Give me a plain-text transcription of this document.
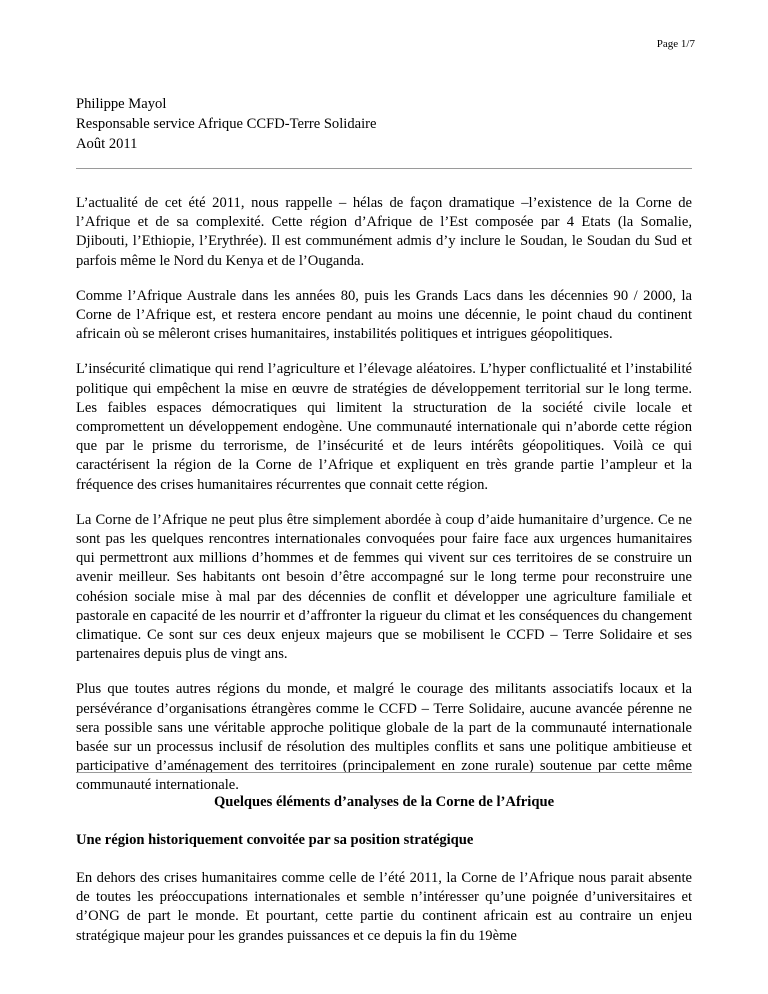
Page 1/7
Philippe Mayol
Responsable service Afrique CCFD-Terre Solidaire
Août 2011

L’actualité de cet été 2011, nous rappelle – hélas de façon dramatique –l’existence de la Corne de l’Afrique et de sa complexité. Cette région d’Afrique de l’Est composée par 4 Etats (la Somalie, Djibouti, l’Ethiopie, l’Erythrée). Il est communément admis d’y inclure le Soudan, le Soudan du Sud et parfois même le Nord du Kenya et de l’Ouganda.

Comme l’Afrique Australe dans les années 80, puis les Grands Lacs dans les décennies 90 / 2000, la Corne de l’Afrique est, et restera encore pendant au moins une décennie, le point chaud du continent africain où se mêleront crises humanitaires, instabilités politiques et intrigues géopolitiques.

L’insécurité climatique qui rend l’agriculture et l’élevage aléatoires. L’hyper conflictualité et l’instabilité politique qui empêchent la mise en œuvre de stratégies de développement territorial sur le long terme. Les faibles espaces démocratiques qui limitent la structuration de la société civile locale et compromettent un développement endogène. Une communauté internationale qui n’aborde cette région que par le prisme du terrorisme, de l’insécurité et de leurs intérêts géopolitiques. Voilà ce qui caractérisent la région de la Corne de l’Afrique et expliquent en très grande partie l’ampleur et la fréquence des crises humanitaires récurrentes que connait cette région.

La Corne de l’Afrique ne peut plus être simplement abordée à coup d’aide humanitaire d’urgence. Ce ne sont pas les quelques rencontres internationales convoquées pour faire face aux urgences humanitaires qui permettront aux millions d’hommes et de femmes qui vivent sur ces territoires de se construire un avenir meilleur. Ses habitants ont besoin d’être accompagné sur le long terme pour reconstruire une cohésion sociale mise à mal par des décennies de conflit et développer une agriculture familiale et pastorale en capacité de les nourrir et d’affronter la rigueur du climat et les conséquences du changement climatique. Ce sont sur ces deux enjeux majeurs que se mobilisent le CCFD – Terre Solidaire et ses partenaires depuis plus de vingt ans.

Plus que toutes autres régions du monde, et malgré le courage des militants associatifs locaux et la persévérance d’organisations étrangères comme le CCFD – Terre Solidaire, aucune avancée pérenne ne sera possible sans une véritable approche politique globale de la part de la communauté internationale basée sur un processus inclusif de résolution des multiples conflits et sans une politique ambitieuse et participative d’aménagement des territoires (principalement en zone rurale) soutenue par cette même communauté internationale.

Quelques éléments d’analyses de la Corne de l’Afrique
Une région historiquement convoitée par sa position stratégique

En dehors des crises humanitaires comme celle de l’été 2011, la Corne de l’Afrique nous parait absente de toutes les préoccupations internationales et semble n’intéresser qu’une poignée d’universitaires et d’ONG de part le monde. Et pourtant, cette partie du continent africain est au contraire un enjeu stratégique majeur pour les grandes puissances et ce depuis la fin du 19ème
